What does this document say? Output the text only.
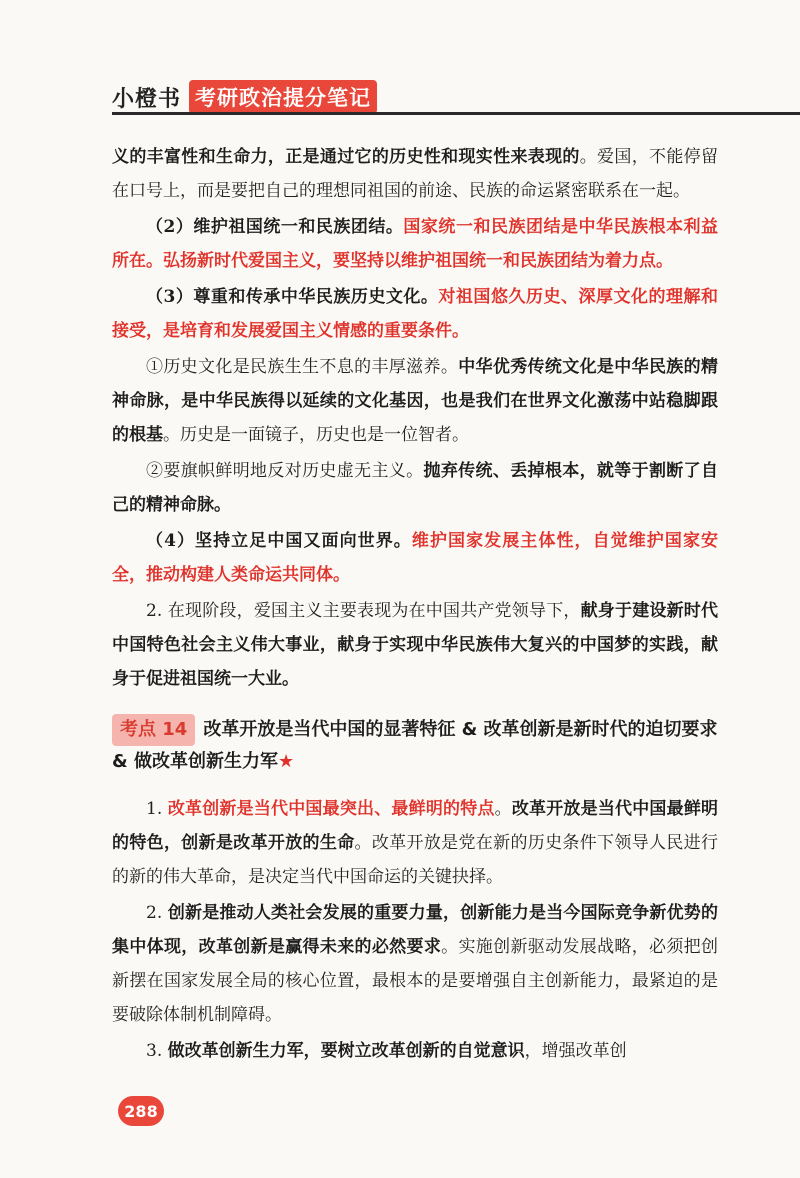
小橙书 考研政治提分笔记

义的丰富性和生命力，正是通过它的历史性和现实性来表现的。爱国，不能停留在口号上，而是要把自己的理想同祖国的前途、民族的命运紧密联系在一起。

（2）维护祖国统一和民族团结。国家统一和民族团结是中华民族根本利益所在。弘扬新时代爱国主义，要坚持以维护祖国统一和民族团结为着力点。

（3）尊重和传承中华民族历史文化。对祖国悠久历史、深厚文化的理解和接受，是培育和发展爱国主义情感的重要条件。

①历史文化是民族生生不息的丰厚滋养。中华优秀传统文化是中华民族的精神命脉，是中华民族得以延续的文化基因，也是我们在世界文化激荡中站稳脚跟的根基。历史是一面镜子，历史也是一位智者。

②要旗帜鲜明地反对历史虚无主义。抛弃传统、丢掉根本，就等于割断了自己的精神命脉。

（4）坚持立足中国又面向世界。维护国家发展主体性，自觉维护国家安全，推动构建人类命运共同体。

2. 在现阶段，爱国主义主要表现为在中国共产党领导下，献身于建设新时代中国特色社会主义伟大事业，献身于实现中华民族伟大复兴的中国梦的实践，献身于促进祖国统一大业。

考点 14 改革开放是当代中国的显著特征 & 改革创新是新时代的迫切要求 & 做改革创新生力军★

1. 改革创新是当代中国最突出、最鲜明的特点。改革开放是当代中国最鲜明的特色，创新是改革开放的生命。改革开放是党在新的历史条件下领导人民进行的新的伟大革命，是决定当代中国命运的关键抉择。

2. 创新是推动人类社会发展的重要力量，创新能力是当今国际竞争新优势的集中体现，改革创新是赢得未来的必然要求。实施创新驱动发展战略，必须把创新摆在国家发展全局的核心位置，最根本的是要增强自主创新能力，最紧迫的是要破除体制机制障碍。

3. 做改革创新生力军，要树立改革创新的自觉意识，增强改革创

288
